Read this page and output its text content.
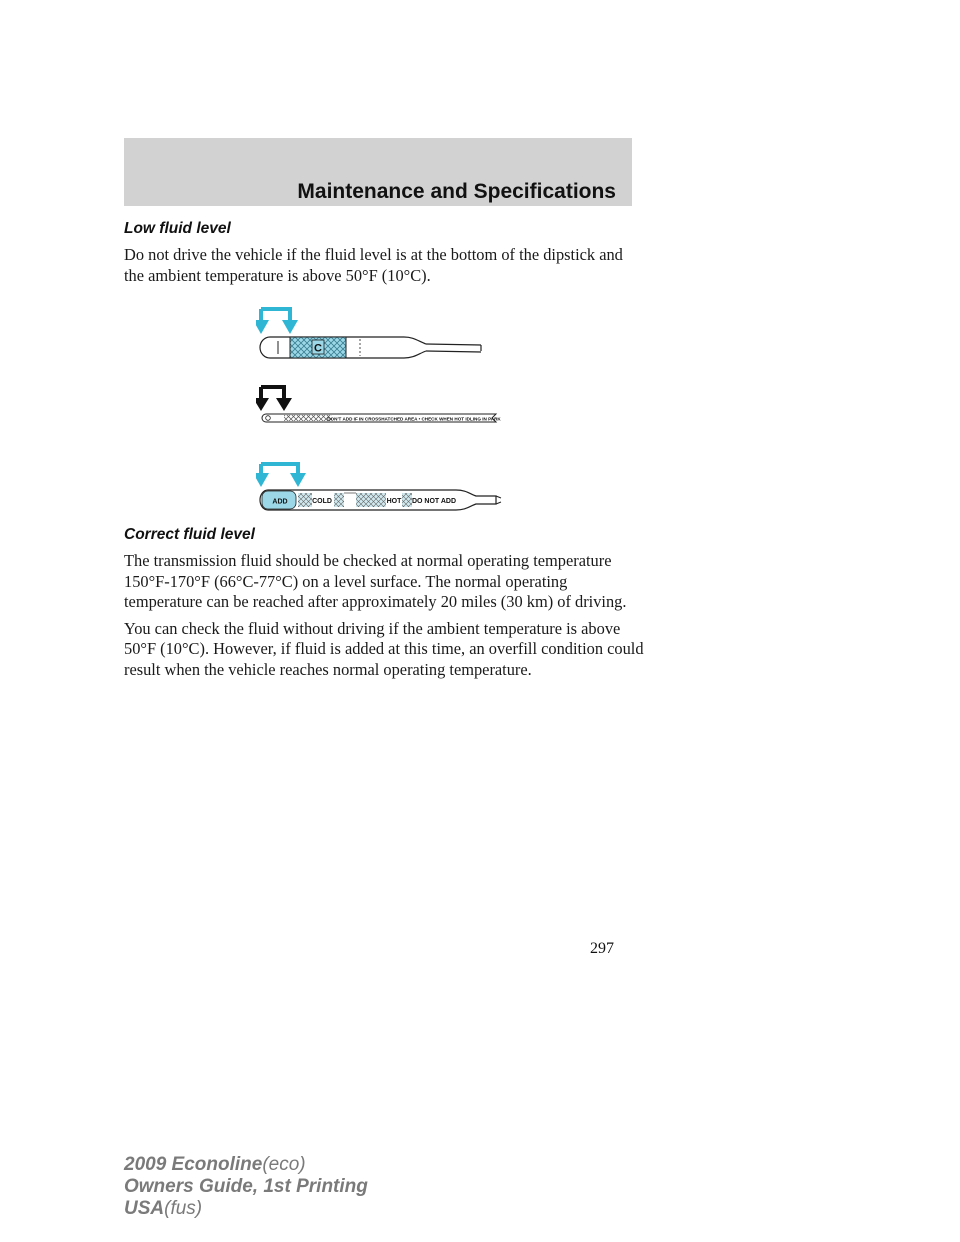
Maintenance and Specifications
Low fluid level

Do not drive the vehicle if the fluid level is at the bottom of the dipstick and the ambient temperature is above 50°F (10°C).

C
DON'T ADD IF IN CROSSHATCHED AREA • CHECK WHEN HOT IDLING IN PARK
ADD	COLD	HOT DO NOT ADD
Correct fluid level

The transmission fluid should be checked at normal operating temperature 150°F-170°F (66°C-77°C) on a level surface. The normal operating temperature can be reached after approximately 20 miles (30 km) of driving.

You can check the fluid without driving if the ambient temperature is above 50°F (10°C). However, if fluid is added at this time, an overfill condition could result when the vehicle reaches normal operating temperature.

297
2009 Econoline(eco)
Owners Guide, 1st Printing
USA(fus)
